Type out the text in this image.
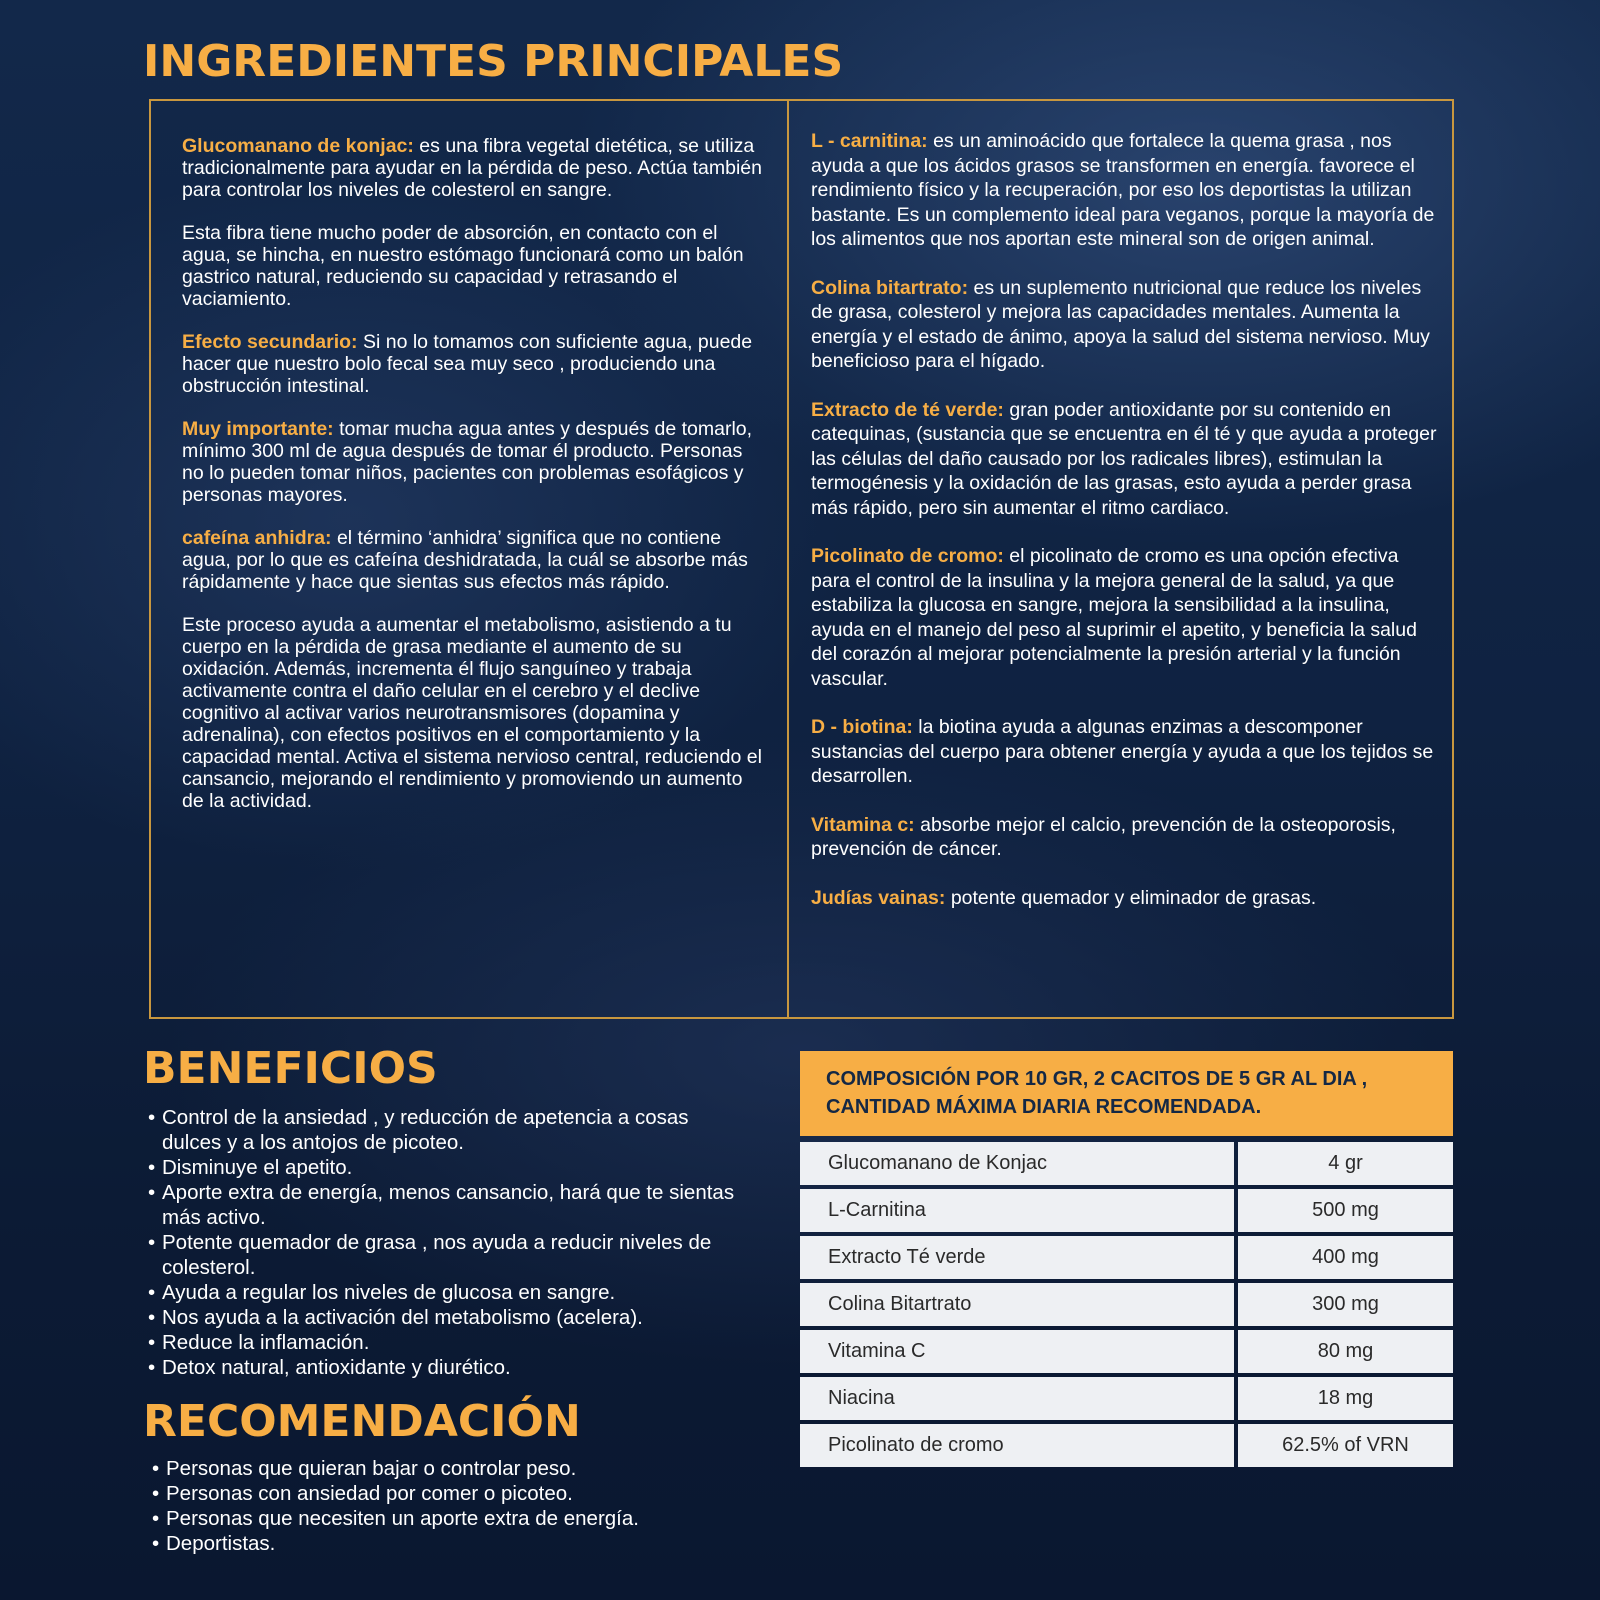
INGREDIENTES PRINCIPALES

Glucomanano de konjac: es una fibra vegetal dietética, se utiliza tradicionalmente para ayudar en la pérdida de peso. Actúa también para controlar los niveles de colesterol en sangre.

Esta fibra tiene mucho poder de absorción, en contacto con el agua, se hincha, en nuestro estómago funcionará como un balón gastrico natural, reduciendo su capacidad y retrasando el vaciamiento.

Efecto secundario: Si no lo tomamos con suficiente agua, puede hacer que nuestro bolo fecal sea muy seco , produciendo una obstrucción intestinal.

Muy importante: tomar mucha agua antes y después de tomarlo, mínimo 300 ml de agua después de tomar él producto. Personas no lo pueden tomar niños, pacientes con problemas esofágicos y personas mayores.

cafeína anhidra: el término ‘anhidra’ significa que no contiene agua, por lo que es cafeína deshidratada, la cuál se absorbe más rápidamente y hace que sientas sus efectos más rápido.

Este proceso ayuda a aumentar el metabolismo, asistiendo a tu cuerpo en la pérdida de grasa mediante el aumento de su oxidación. Además, incrementa él flujo sanguíneo y trabaja activamente contra el daño celular en el cerebro y el declive cognitivo al activar varios neurotransmisores (dopamina y adrenalina), con efectos positivos en el comportamiento y la capacidad mental. Activa el sistema nervioso central, reduciendo el cansancio, mejorando el rendimiento y promoviendo un aumento de la actividad.

L - carnitina: es un aminoácido que fortalece la quema grasa , nos ayuda a que los ácidos grasos se transformen en energía. favorece el rendimiento físico y la recuperación, por eso los deportistas la utilizan bastante. Es un complemento ideal para veganos, porque la mayoría de los alimentos que nos aportan este mineral son de origen animal.

Colina bitartrato: es un suplemento nutricional que reduce los niveles de grasa, colesterol y mejora las capacidades mentales. Aumenta la energía y el estado de ánimo, apoya la salud del sistema nervioso. Muy beneficioso para el hígado.

Extracto de té verde: gran poder antioxidante por su contenido en catequinas, (sustancia que se encuentra en él té y que ayuda a proteger las células del daño causado por los radicales libres), estimulan la termogénesis y la oxidación de las grasas, esto ayuda a perder grasa más rápido, pero sin aumentar el ritmo cardiaco.

Picolinato de cromo: el picolinato de cromo es una opción efectiva para el control de la insulina y la mejora general de la salud, ya que estabiliza la glucosa en sangre, mejora la sensibilidad a la insulina, ayuda en el manejo del peso al suprimir el apetito, y beneficia la salud del corazón al mejorar potencialmente la presión arterial y la función vascular.

D - biotina: la biotina ayuda a algunas enzimas a descomponer sustancias del cuerpo para obtener energía y ayuda a que los tejidos se desarrollen.

Vitamina c: absorbe mejor el calcio, prevención de la osteoporosis, prevención de cáncer.

Judías vainas: potente quemador y eliminador de grasas.

BENEFICIOS
• Control de la ansiedad , y reducción de apetencia a cosas dulces y a los antojos de picoteo.
• Disminuye el apetito.
• Aporte extra de energía, menos cansancio, hará que te sientas más activo.
• Potente quemador de grasa , nos ayuda a reducir niveles de colesterol.
• Ayuda a regular los niveles de glucosa en sangre.
• Nos ayuda a la activación del metabolismo (acelera).
• Reduce la inflamación.
• Detox natural, antioxidante y diurético.
RECOMENDACIÓN
• Personas que quieran bajar o controlar peso.
• Personas con ansiedad por comer o picoteo.
• Personas que necesiten un aporte extra de energía.
• Deportistas.
COMPOSICIÓN POR 10 GR, 2 CACITOS DE 5 GR AL DIA , CANTIDAD MÁXIMA DIARIA RECOMENDADA.
Glucomanano de Konjac	4 gr
L-Carnitina	500 mg
Extracto Té verde	400 mg
Colina Bitartrato	300 mg
Vitamina C	80 mg
Niacina	18 mg
Picolinato de cromo	62.5% of VRN
